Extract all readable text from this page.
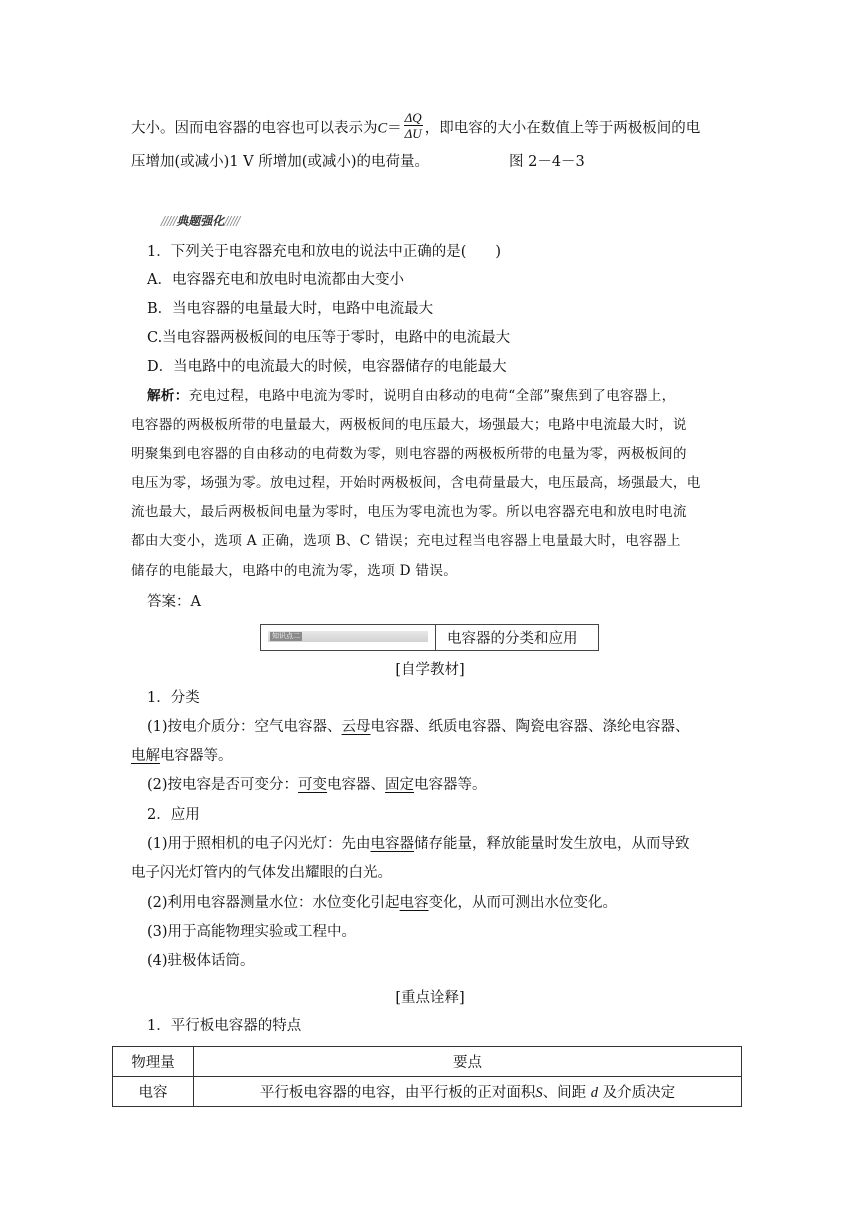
大小。因而电容器的电容也可以表示为$C= \frac{\Delta Q}{\Delta U}$ ，即电容的大小在数值上等于两极板间的电
压增加(或减小)1 V 所增加(或减小)的电荷量。	图 2－4－3
/////典题强化/////
1．下列关于电容器充电和放电的说法中正确的是(　　)
A．电容器充电和放电时电流都由大变小
B．当电容器的电量最大时，电路中电流最大
C.当电容器两极板间的电压等于零时，电路中的电流最大
D．当电路中的电流最大的时候，电容器储存的电能最大
解析：充电过程，电路中电流为零时，说明自由移动的电荷“全部”聚焦到了电容器上，
电容器的两极板所带的电量最大，两极板间的电压最大，场强最大；电路中电流最大时，说
明聚集到电容器的自由移动的电荷数为零，则电容器的两极板所带的电量为零，两极板间的
电压为零，场强为零。放电过程，开始时两极板间，含电荷量最大，电压最高，场强最大，电
流也最大，最后两极板间电量为零时，电压为零电流也为零。所以电容器充电和放电时电流
都由大变小，选项 A 正确，选项 B、C 错误；充电过程当电容器上电量最大时，电容器上
储存的电能最大，电路中的电流为零，选项 D 错误。
答案：A
知识点二	电容器的分类和应用
[自学教材]
1．分类
(1)按电介质分：空气电容器、云母电容器、纸质电容器、陶瓷电容器、涤纶电容器、
电解电容器等。
(2)按电容是否可变分：可变电容器、固定电容器等。
2．应用
(1)用于照相机的电子闪光灯：先由电容器储存能量，释放能量时发生放电，从而导致
电子闪光灯管内的气体发出耀眼的白光。
(2)利用电容器测量水位：水位变化引起电容变化，从而可测出水位变化。
(3)用于高能物理实验或工程中。
(4)驻极体话筒。
[重点诠释]
1．平行板电容器的特点
物理量	要点
电容	平行板电容器的电容，由平行板的正对面积S、间距 d 及介质决定
